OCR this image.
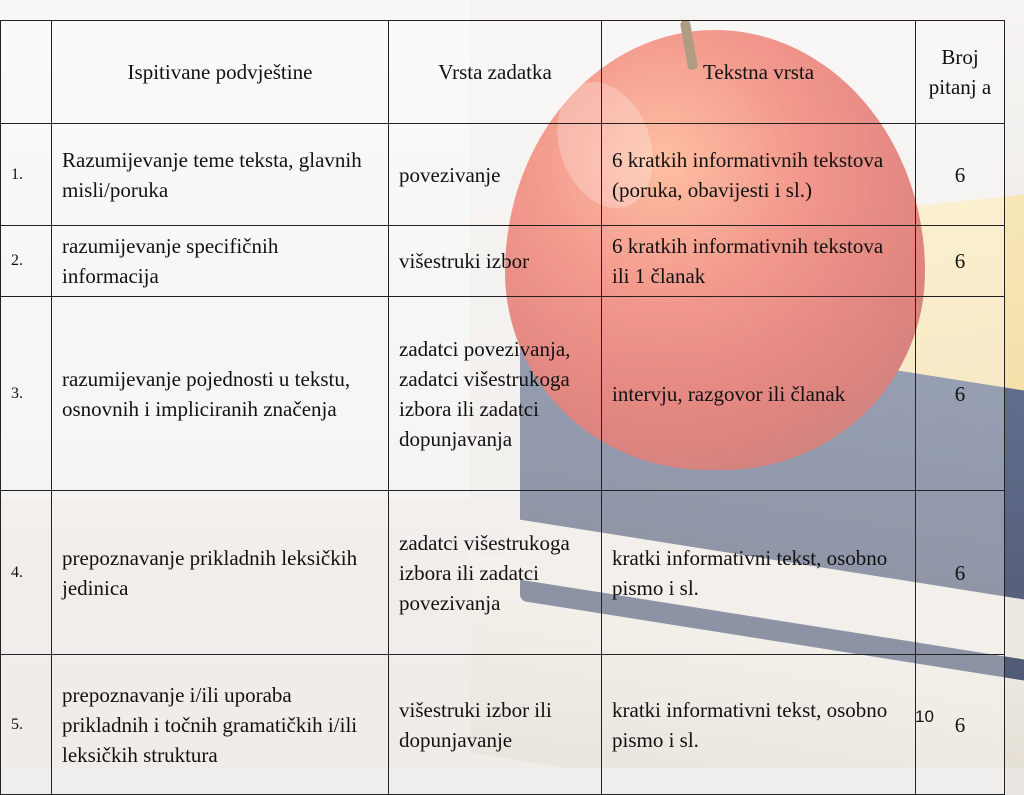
	Ispitivane podvještine	Vrsta zadatka	Tekstna vrsta	Broj pitanj a
1.	Razumijevanje teme teksta, glavnih misli/poruka	povezivanje	6 kratkih informativnih tekstova (poruka, obavijesti i sl.)	6
2.	razumijevanje specifičnih informacija	višestruki izbor	6 kratkih informativnih tekstova ili 1 članak	6
3.	razumijevanje pojednosti u tekstu, osnovnih i impliciranih značenja	zadatci povezivanja, zadatci višestrukoga izbora ili zadatci dopunjavanja	intervju, razgovor ili članak	6
4.	prepoznavanje prikladnih leksičkih jedinica	zadatci višestrukoga izbora ili zadatci povezivanja	kratki informativni tekst, osobno pismo i sl.	6
5.	prepoznavanje i/ili uporaba prikladnih i točnih gramatičkih i/ili leksičkih struktura	višestruki izbor ili dopunjavanje	kratki informativni tekst, osobno pismo i sl.	6
10
